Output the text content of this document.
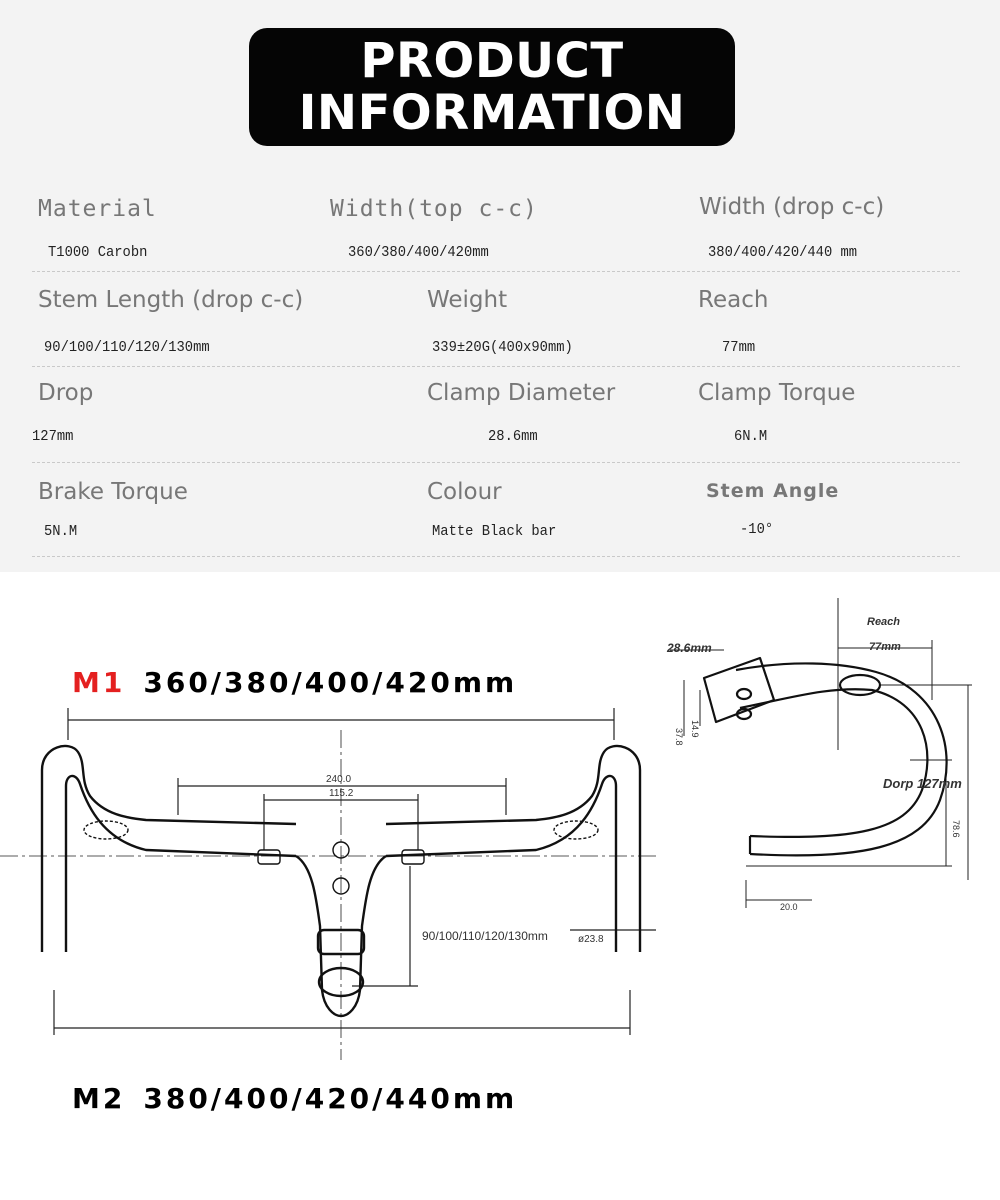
PRODUCT
INFORMATION
Material
T1000 Carobn
Width(top c-c)
360/380/400/420mm
Width (drop c-c)
380/400/420/440 mm
Stem Length (drop c-c)
90/100/110/120/130mm
Weight
339±20G(400x90mm)
Reach
77mm
Drop
127mm
Clamp Diameter
28.6mm
Clamp Torque
6N.M
Brake Torque
5N.M
Colour
Matte Black bar
Stem Angle
-10°
M1 360/380/400/420mm
M2 380/400/420/440mm
240.0
115.2
90/100/110/120/130mm	ø23.8
28.6mm
Reach
77mm
Dorp 127mm
20.0
78.6
37.8 14.9
